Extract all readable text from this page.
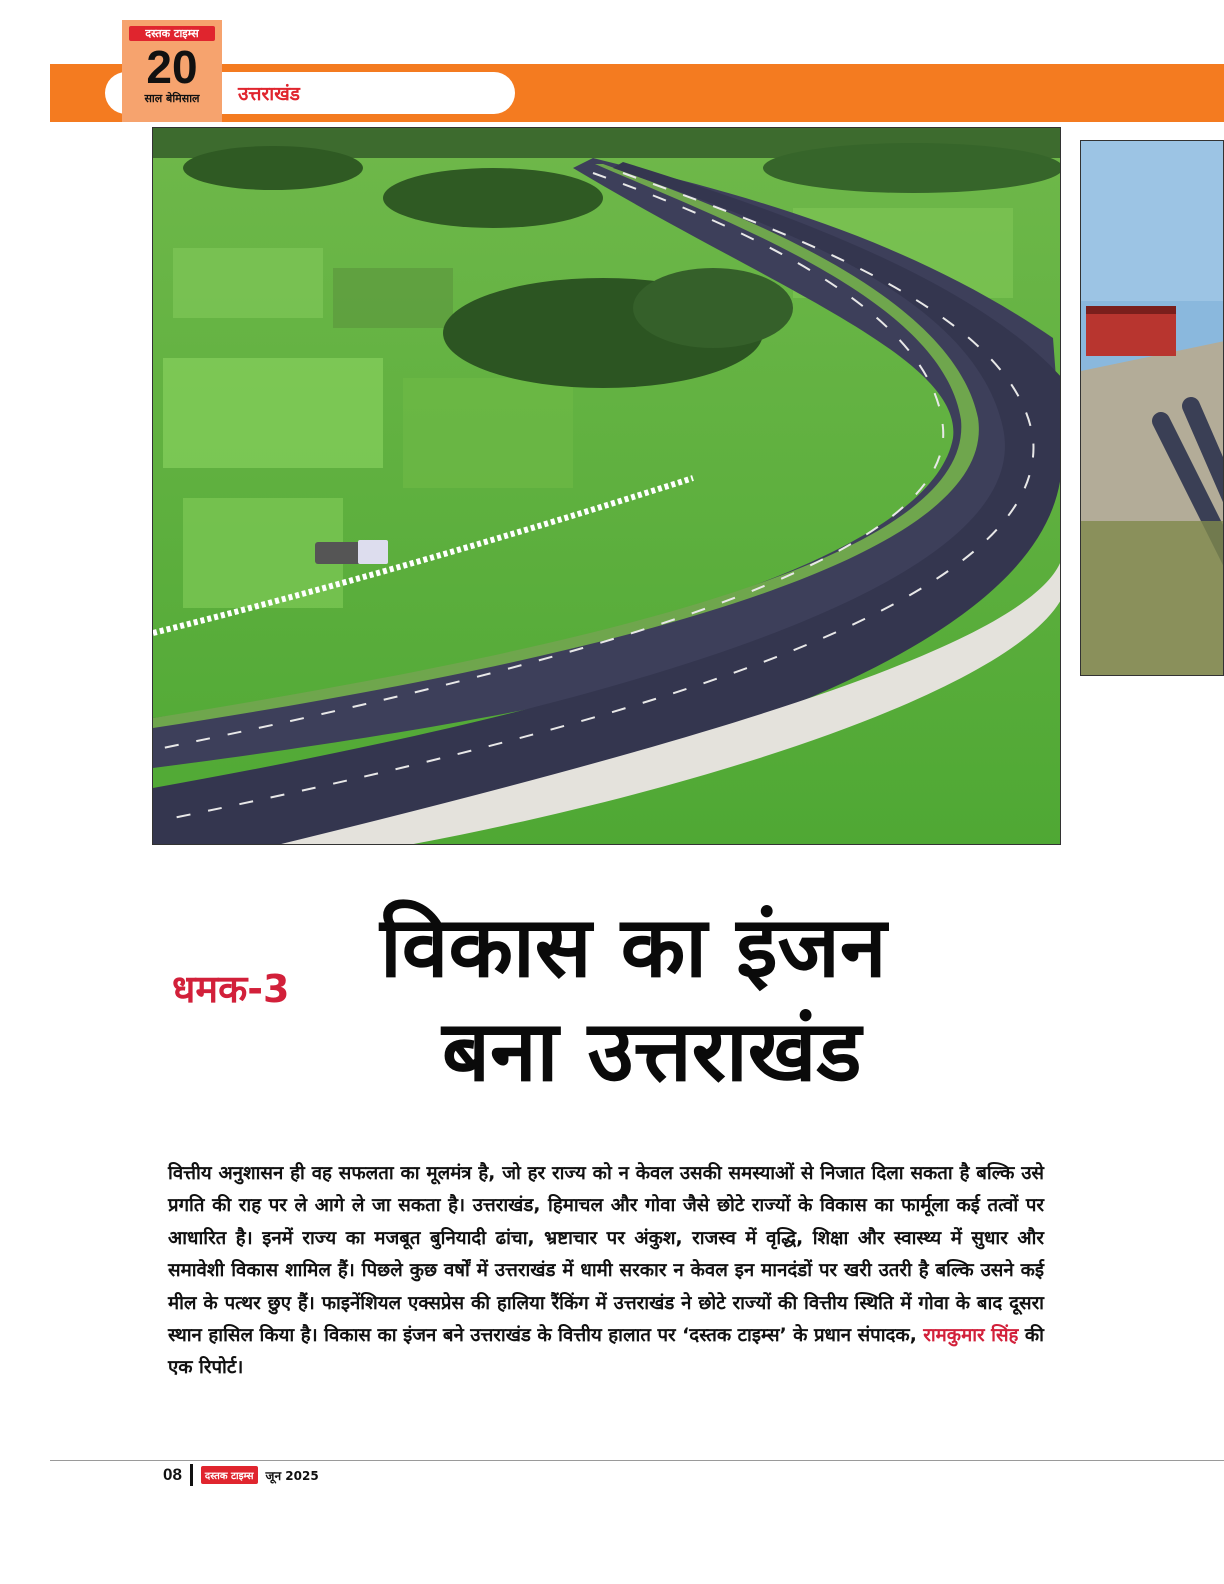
उत्तराखंड
दस्तक टाइम्स
20
साल बेमिसाल
धमक-3 विकास का इंजन
बना उत्तराखंड

वित्तीय अनुशासन ही वह सफलता का मूलमंत्र है, जो हर राज्य को न केवल उसकी समस्याओं से निजात दिला सकता है बल्कि उसे प्रगति की राह पर ले आगे ले जा सकता है। उत्तराखंड, हिमाचल और गोवा जैसे छोटे राज्यों के विकास का फार्मूला कई तत्वों पर आधारित है। इनमें राज्य का मजबूत बुनियादी ढांचा, भ्रष्टाचार पर अंकुश, राजस्व में वृद्धि, शिक्षा और स्वास्थ्य में सुधार और समावेशी विकास शामिल हैं। पिछले कुछ वर्षों में उत्तराखंड में धामी सरकार न केवल इन मानदंडों पर खरी उतरी है बल्कि उसने कई मील के पत्थर छुए हैं। फाइनेंशियल एक्सप्रेस की हालिया रैंकिंग में उत्तराखंड ने छोटे राज्यों की वित्तीय स्थिति में गोवा के बाद दूसरा स्थान हासिल किया है। विकास का इंजन बने उत्तराखंड के वित्तीय हालात पर ‘दस्तक टाइम्स’ के प्रधान संपादक, रामकुमार सिंह की एक रिपोर्ट।

08	दस्तक टाइम्स	जून 2025
